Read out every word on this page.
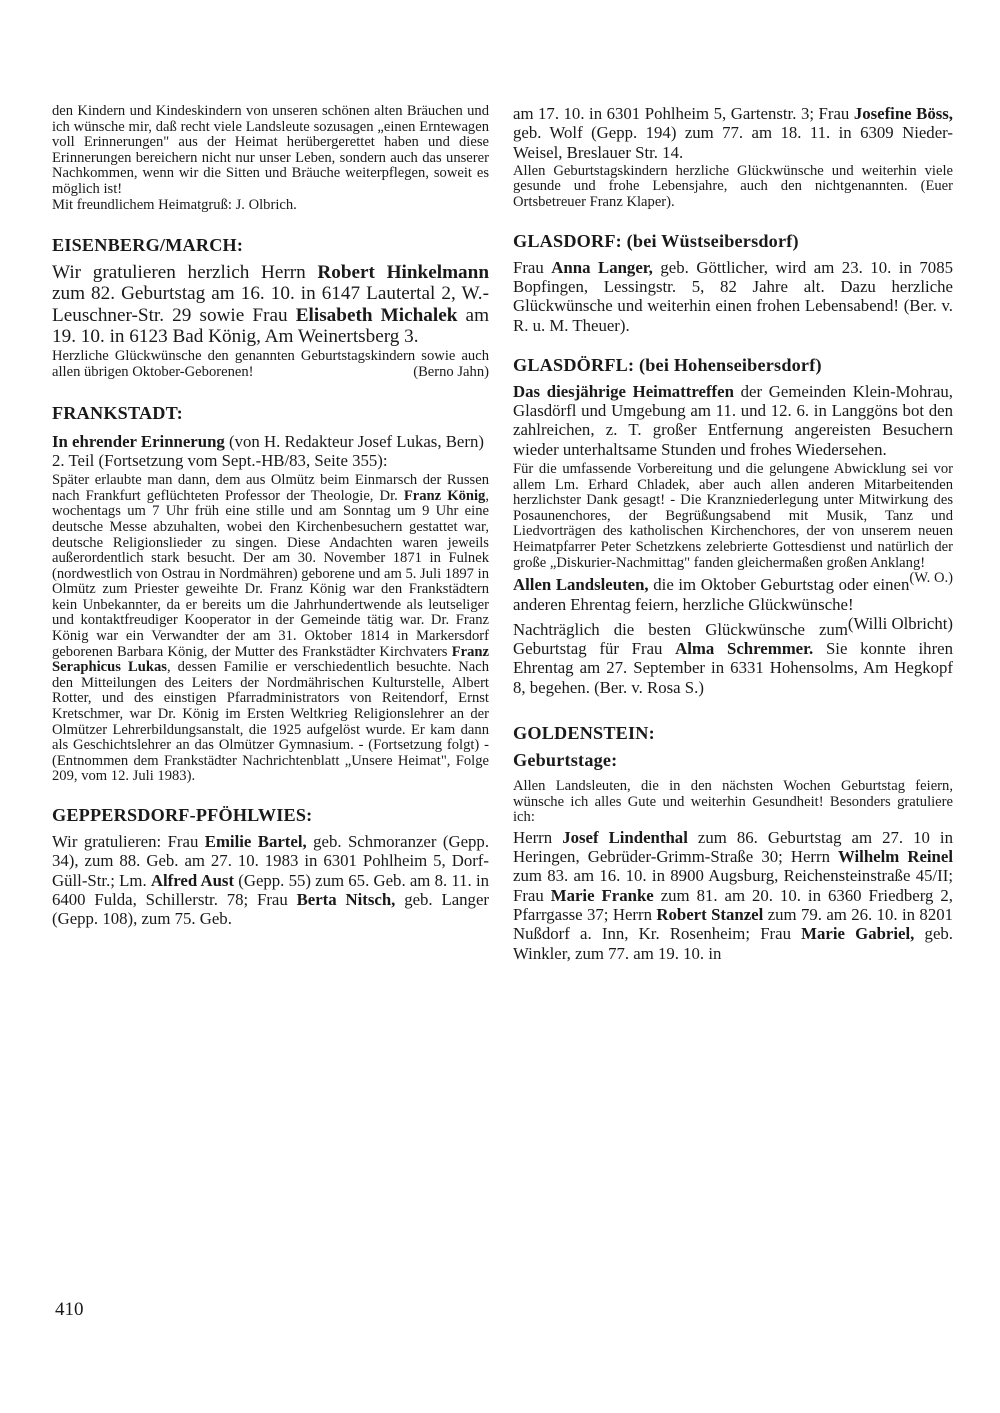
den Kindern und Kindeskindern von unseren schönen alten Bräuchen und ich wünsche mir, daß recht viele Landsleute sozusagen „einen Erntewagen voll Erinnerungen" aus der Heimat herübergerettet haben und diese Erinnerungen bereichern nicht nur unser Leben, sondern auch das unserer Nachkommen, wenn wir die Sitten und Bräuche weiterpflegen, soweit es möglich ist!

Mit freundlichem Heimatgruß: J. Olbrich.

EISENBERG/MARCH:

Wir gratulieren herzlich Herrn Robert Hinkelmann zum 82. Geburtstag am 16. 10. in 6147 Lautertal 2, W.-Leuschner-Str. 29 sowie Frau Elisabeth Michalek am 19. 10. in 6123 Bad König, Am Weinertsberg 3.

Herzliche Glückwünsche den genannten Geburtstagskindern sowie auch allen übrigen Oktober-Geborenen!	(Berno Jahn)

FRANKSTADT:

In ehrender Erinnerung (von H. Redakteur Josef Lukas, Bern)

2. Teil (Fortsetzung vom Sept.-HB/83, Seite 355):

Später erlaubte man dann, dem aus Olmütz beim Einmarsch der Russen nach Frankfurt geflüchteten Professor der Theologie, Dr. Franz König, wochentags um 7 Uhr früh eine stille und am Sonntag um 9 Uhr eine deutsche Messe abzuhalten, wobei den Kirchenbesuchern gestattet war, deutsche Religionslieder zu singen. Diese Andachten waren jeweils außerordentlich stark besucht. Der am 30. November 1871 in Fulnek (nordwestlich von Ostrau in Nordmähren) geborene und am 5. Juli 1897 in Olmütz zum Priester geweihte Dr. Franz König war den Frankstädtern kein Unbekannter, da er bereits um die Jahrhundertwende als leutseliger und kontaktfreudiger Kooperator in der Gemeinde tätig war. Dr. Franz König war ein Verwandter der am 31. Oktober 1814 in Markersdorf geborenen Barbara König, der Mutter des Frankstädter Kirchvaters Franz Seraphicus Lukas, dessen Familie er verschiedentlich besuchte. Nach den Mitteilungen des Leiters der Nordmährischen Kulturstelle, Albert Rotter, und des einstigen Pfarradministrators von Reitendorf, Ernst Kretschmer, war Dr. König im Ersten Weltkrieg Religionslehrer an der Olmützer Lehrerbildungsanstalt, die 1925 aufgelöst wurde. Er kam dann als Geschichtslehrer an das Olmützer Gymnasium. - (Fortsetzung folgt) - (Entnommen dem Frankstädter Nachrichtenblatt „Unsere Heimat", Folge 209, vom 12. Juli 1983).

GEPPERSDORF-PFÖHLWIES:

Wir gratulieren: Frau Emilie Bartel, geb. Schmoranzer (Gepp. 34), zum 88. Geb. am 27. 10. 1983 in 6301 Pohlheim 5, Dorf-Güll-Str.; Lm. Alfred Aust (Gepp. 55) zum 65. Geb. am 8. 11. in 6400 Fulda, Schillerstr. 78; Frau Berta Nitsch, geb. Langer (Gepp. 108), zum 75. Geb.

am 17. 10. in 6301 Pohlheim 5, Gartenstr. 3; Frau Josefine Böss, geb. Wolf (Gepp. 194) zum 77. am 18. 11. in 6309 Nieder-Weisel, Breslauer Str. 14.

Allen Geburtstagskindern herzliche Glückwünsche und weiterhin viele gesunde und frohe Lebensjahre, auch den nichtgenannten. (Euer Ortsbetreuer Franz Klaper).

GLASDORF: (bei Wüstseibersdorf)

Frau Anna Langer, geb. Göttlicher, wird am 23. 10. in 7085 Bopfingen, Lessingstr. 5, 82 Jahre alt. Dazu herzliche Glückwünsche und weiterhin einen frohen Lebensabend! (Ber. v. R. u. M. Theuer).

GLASDÖRFL: (bei Hohenseibersdorf)

Das diesjährige Heimattreffen der Gemeinden Klein-Mohrau, Glasdörfl und Umgebung am 11. und 12. 6. in Langgöns bot den zahlreichen, z. T. großer Entfernung angereisten Besuchern wieder unterhaltsame Stunden und frohes Wiedersehen.

Für die umfassende Vorbereitung und die gelungene Abwicklung sei vor allem Lm. Erhard Chladek, aber auch allen anderen Mitarbeitenden herzlichster Dank gesagt! - Die Kranzniederlegung unter Mitwirkung des Posaunenchores, der Begrüßungsabend mit Musik, Tanz und Liedvorträgen des katholischen Kirchenchores, der von unserem neuen Heimatpfarrer Peter Schetzkens zelebrierte Gottesdienst und natürlich der große „Diskurier-Nachmittag" fanden gleichermaßen großen Anklang!
(W. O.)

Allen Landsleuten, die im Oktober Geburtstag oder einen anderen Ehrentag feiern, herzliche Glückwünsche!
(Willi Olbricht)

Nachträglich die besten Glückwünsche zum Geburtstag für Frau Alma Schremmer. Sie konnte ihren Ehrentag am 27. September in 6331 Hohensolms, Am Hegkopf 8, begehen. (Ber. v. Rosa S.)

GOLDENSTEIN:
Geburtstage:

Allen Landsleuten, die in den nächsten Wochen Geburtstag feiern, wünsche ich alles Gute und weiterhin Gesundheit! Besonders gratuliere ich:

Herrn Josef Lindenthal zum 86. Geburtstag am 27. 10 in Heringen, Gebrüder-Grimm-Straße 30; Herrn Wilhelm Reinel zum 83. am 16. 10. in 8900 Augsburg, Reichensteinstraße 45/II; Frau Marie Franke zum 81. am 20. 10. in 6360 Friedberg 2, Pfarrgasse 37; Herrn Robert Stanzel zum 79. am 26. 10. in 8201 Nußdorf a. Inn, Kr. Rosenheim; Frau Marie Gabriel, geb. Winkler, zum 77. am 19. 10. in

410
